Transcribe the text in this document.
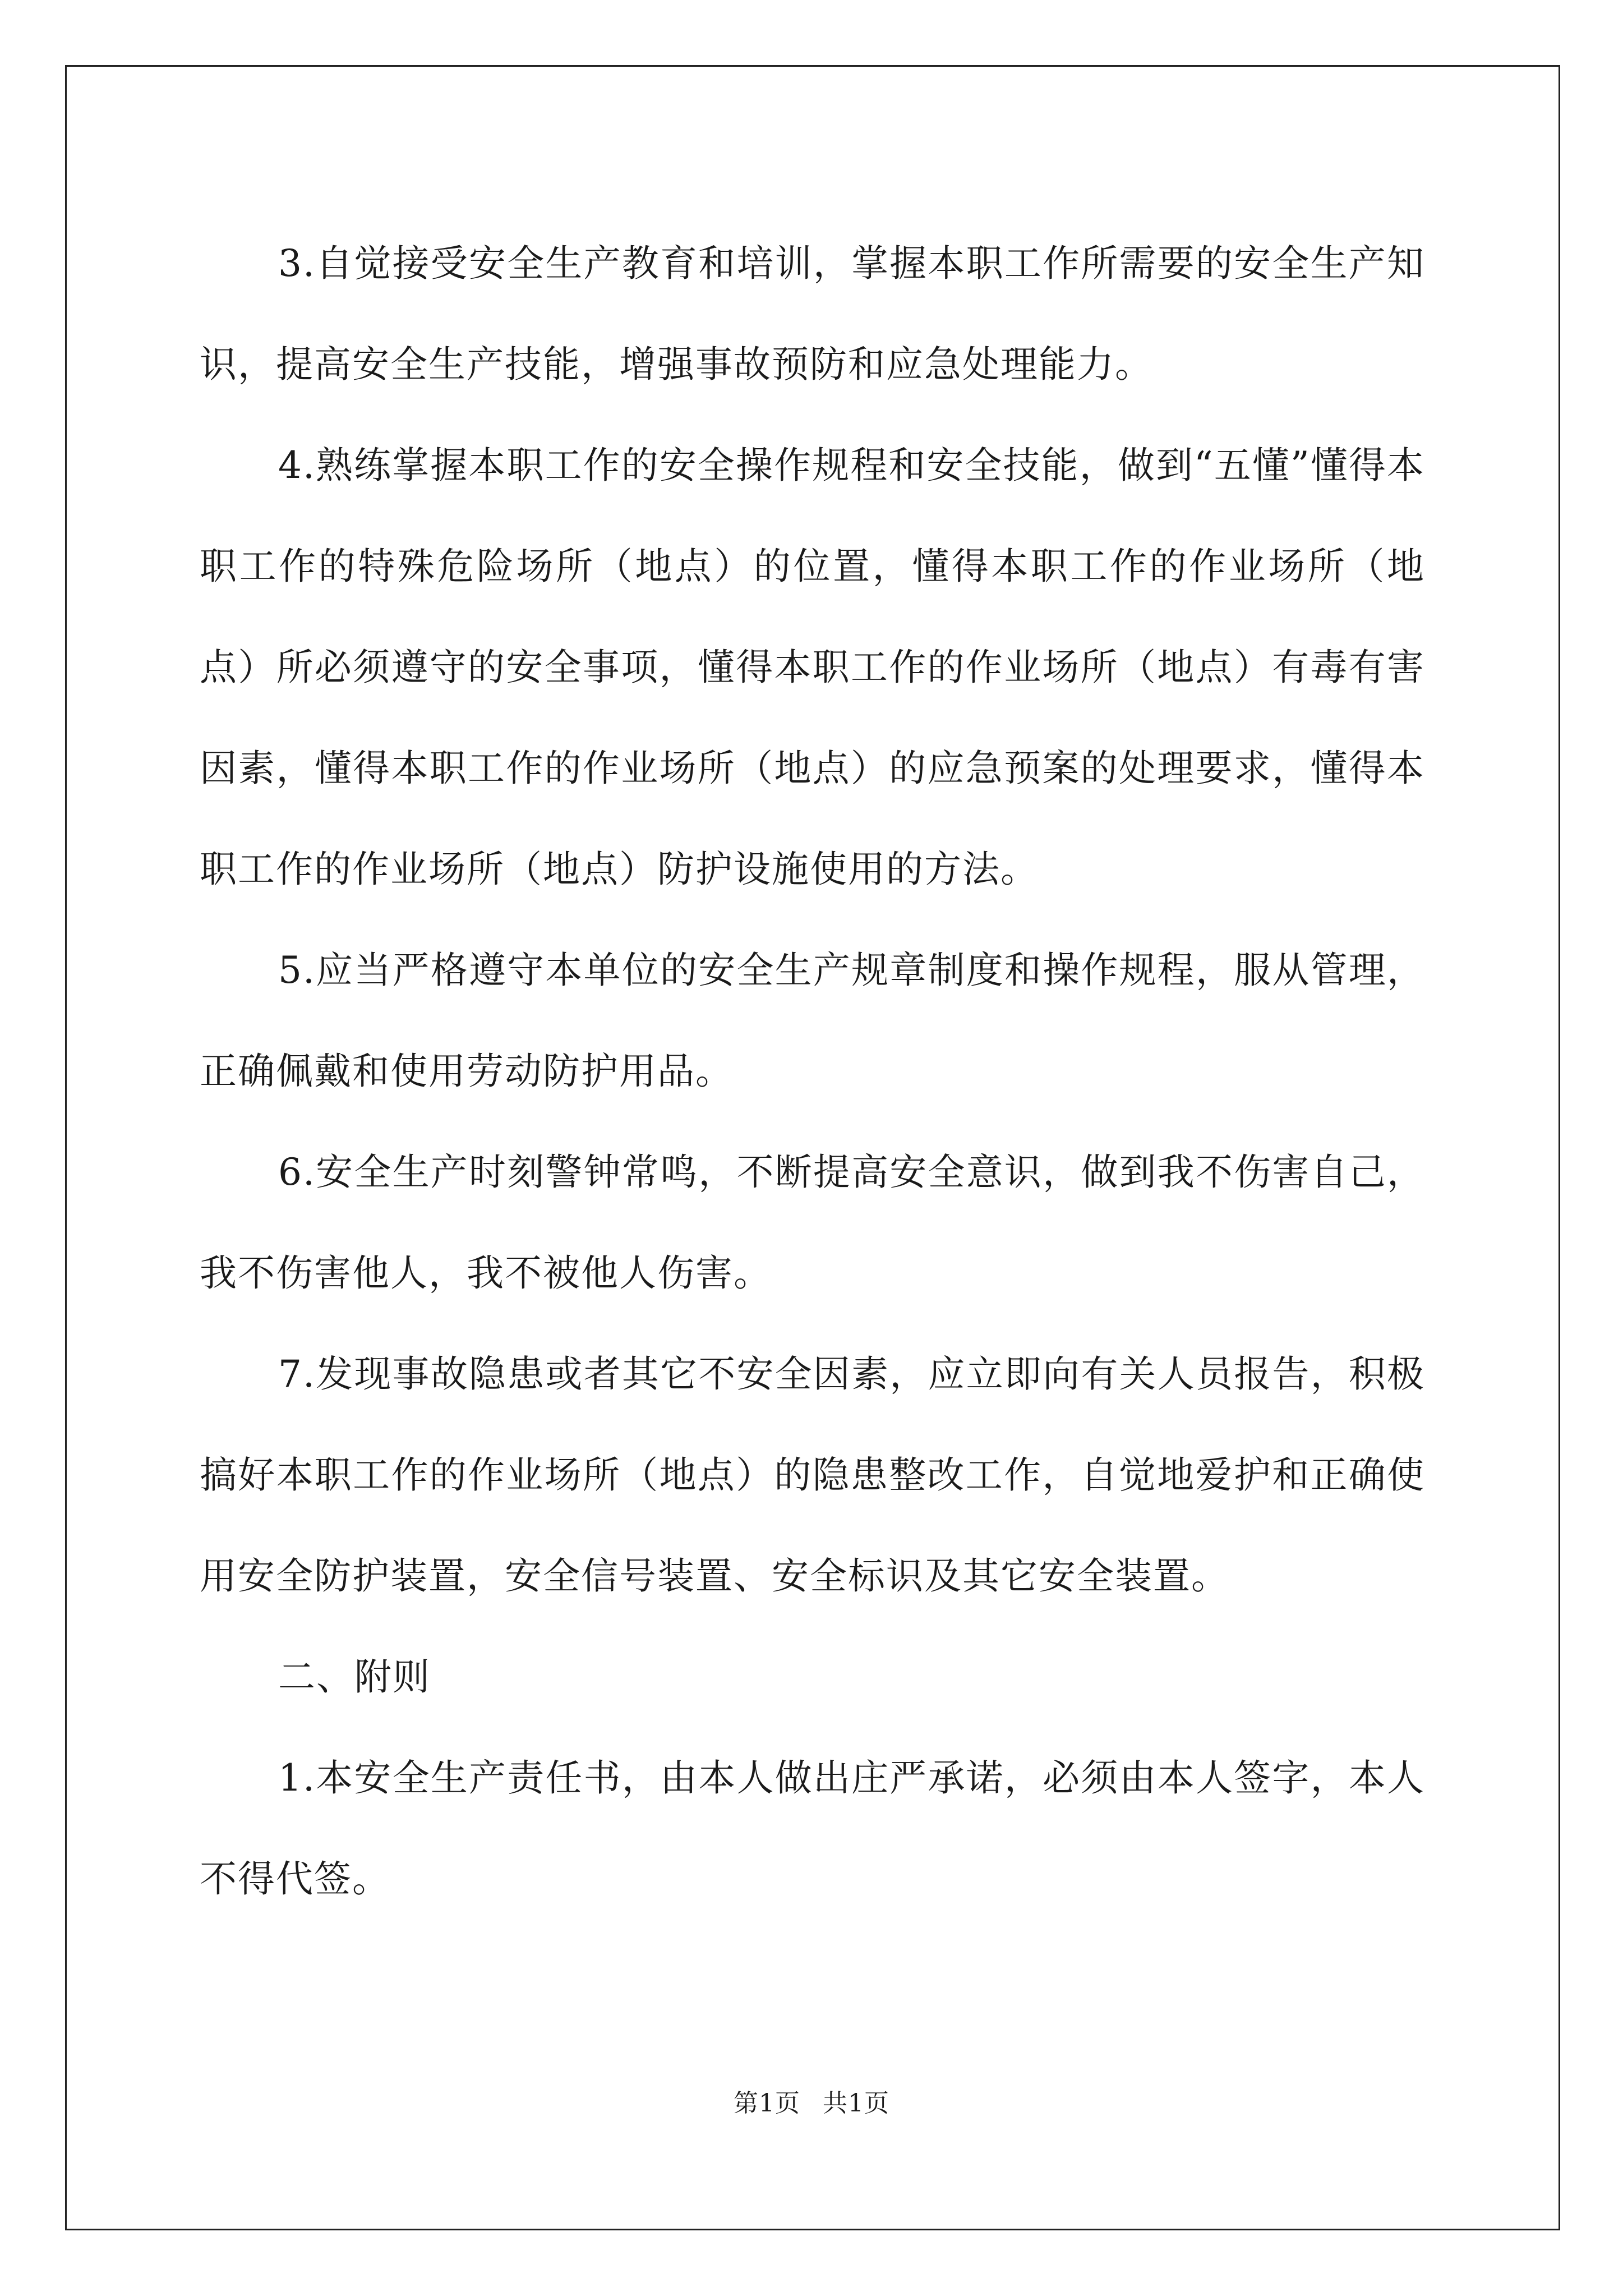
3.自觉接受安全生产教育和培训，掌握本职工作所需要的安全生产知识，提高安全生产技能，增强事故预防和应急处理能力。

4.熟练掌握本职工作的安全操作规程和安全技能，做到“五懂”懂得本职工作的特殊危险场所（地点）的位置，懂得本职工作的作业场所（地点）所必须遵守的安全事项，懂得本职工作的作业场所（地点）有毒有害因素，懂得本职工作的作业场所（地点）的应急预案的处理要求，懂得本职工作的作业场所（地点）防护设施使用的方法。

5.应当严格遵守本单位的安全生产规章制度和操作规程，服从管理，正确佩戴和使用劳动防护用品。

6.安全生产时刻警钟常鸣，不断提高安全意识，做到我不伤害自己，我不伤害他人，我不被他人伤害。

7.发现事故隐患或者其它不安全因素，应立即向有关人员报告，积极搞好本职工作的作业场所（地点）的隐患整改工作，自觉地爱护和正确使用安全防护装置，安全信号装置、安全标识及其它安全装置。

二、附则

1.本安全生产责任书，由本人做出庄严承诺，必须由本人签字，本人不得代签。

第1页 共1页
